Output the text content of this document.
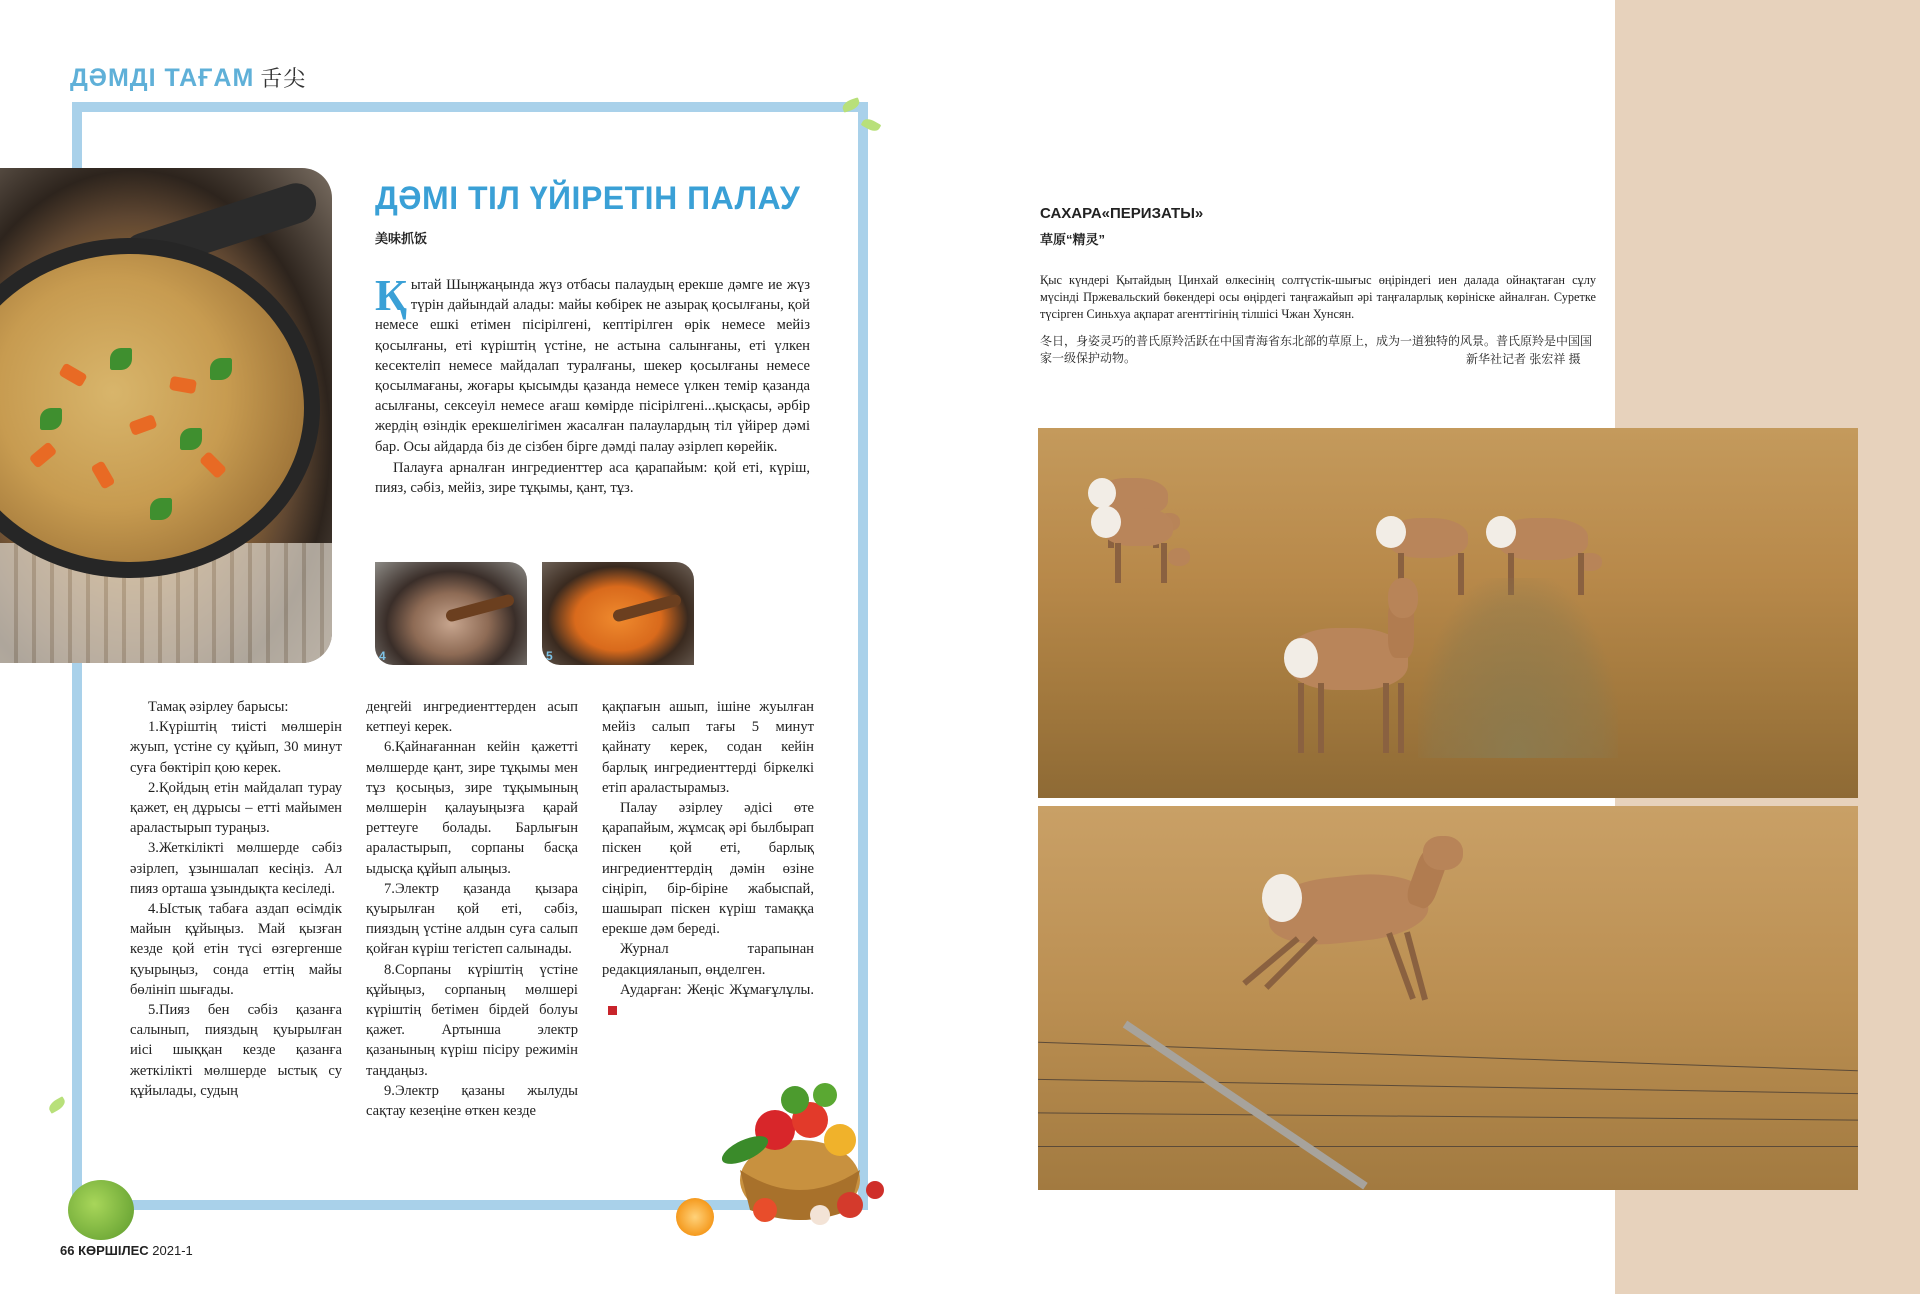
ДӘМДІ ТАҒАМ 舌尖
ДӘМІ ТІЛ ҮЙІРЕТІН ПАЛАУ
美味抓饭

Қытай Шыңжаңында жүз отбасы палаудың ерекше дәмге ие жүз түрін дайындай алады: майы көбірек не азырақ қосылғаны, қой немесе ешкі етімен пісірілгені, кептірілген өрік немесе мейіз қосылғаны, еті күріштің үстіне, не астына салынғаны, еті үлкен кесектеліп немесе майдалап туралғаны, шекер қосылғаны немесе қосылмағаны, жоғары қысымды қазанда немесе үлкен темір қазанда асылғаны, сексеуіл немесе ағаш көмірде пісірілгені...қысқасы, әрбір жердің өзіндік ерекшелігімен жасалған палаулардың тіл үйірер дәмі бар. Осы айдарда біз де сізбен бірге дәмді палау әзірлеп көрейік.

Палауға арналған ингредиенттер аса қарапайым: қой еті, күріш, пияз, сәбіз, мейіз, зире тұқымы, қант, тұз.

4	5

Тамақ әзірлеу барысы:

1.Күріштің тиісті мөлшерін жуып, үстіне су құйып, 30 минут суға бөктіріп қою керек.

2.Қойдың етін майдалап турау қажет, ең дұрысы – етті майымен араластырып тураңыз.

3.Жеткілікті мөлшерде сәбіз әзірлеп, ұзыншалап кесіңіз. Ал пияз орташа ұзындықта кесіледі.

4.Ыстық табаға аздап өсімдік майын құйыңыз. Май қызған кезде қой етін түсі өзгергенше қуырыңыз, сонда еттің майы бөлініп шығады.

5.Пияз бен сәбіз қазанға салынып, пияздың қуырылған иісі шыққан кезде қазанға жеткілікті мөлшерде ыстық су құйылады, судың

деңгейі ингредиенттерден асып кетпеуі керек.

6.Қайнағаннан кейін қажетті мөлшерде қант, зире тұқымы мен тұз қосыңыз, зире тұқымының мөлшерін қалауыңызға қарай реттеуге болады. Барлығын араластырып, сорпаны басқа ыдысқа құйып алыңыз.

7.Электр қазанда қызара қуырылған қой еті, сәбіз, пияздың үстіне алдын суға салып қойған күріш тегістеп салынады.

8.Сорпаны күріштің үстіне құйыңыз, сорпаның мөлшері күріштің бетімен бірдей болуы қажет. Артынша электр қазанының күріш пісіру режимін таңдаңыз.

9.Электр қазаны жылуды сақтау кезеңіне өткен кезде

қақпағын ашып, ішіне жуылған мейіз салып тағы 5 минут қайнату керек, содан кейін барлық ингредиенттерді біркелкі етіп араластырамыз.

Палау әзірлеу әдісі өте қарапайым, жұмсақ әрі былбырап піскен қой еті, барлық ингредиенттердің дәмін өзіне сіңіріп, бір-біріне жабыспай, шашырап піскен күріш тамаққа ерекше дәм береді.

Журнал тарапынан редакцияланып, өңделген.

Аударған: Жеңіс Жұмағұлұлы.

66 КӨРШІЛЕС 2021-1
САХАРА«ПЕРИЗАТЫ»
草原“精灵”
Қыс күндері Қытайдың Цинхай өлкесінің солтүстік-шығыс өңіріндегі иен далада ойнақтаған сұлу мүсінді Пржевальский бөкендері осы өңірдегі таңғажайып әрі таңғаларлық көрініске айналған. Суретке түсірген Синьхуа ақпарат агенттігінің тілшісі Чжан Хунсян.
冬日，身姿灵巧的普氏原羚活跃在中国青海省东北部的草原上，成为一道独特的风景。普氏原羚是中国国家一级保护动物。	新华社记者 张宏祥 摄
